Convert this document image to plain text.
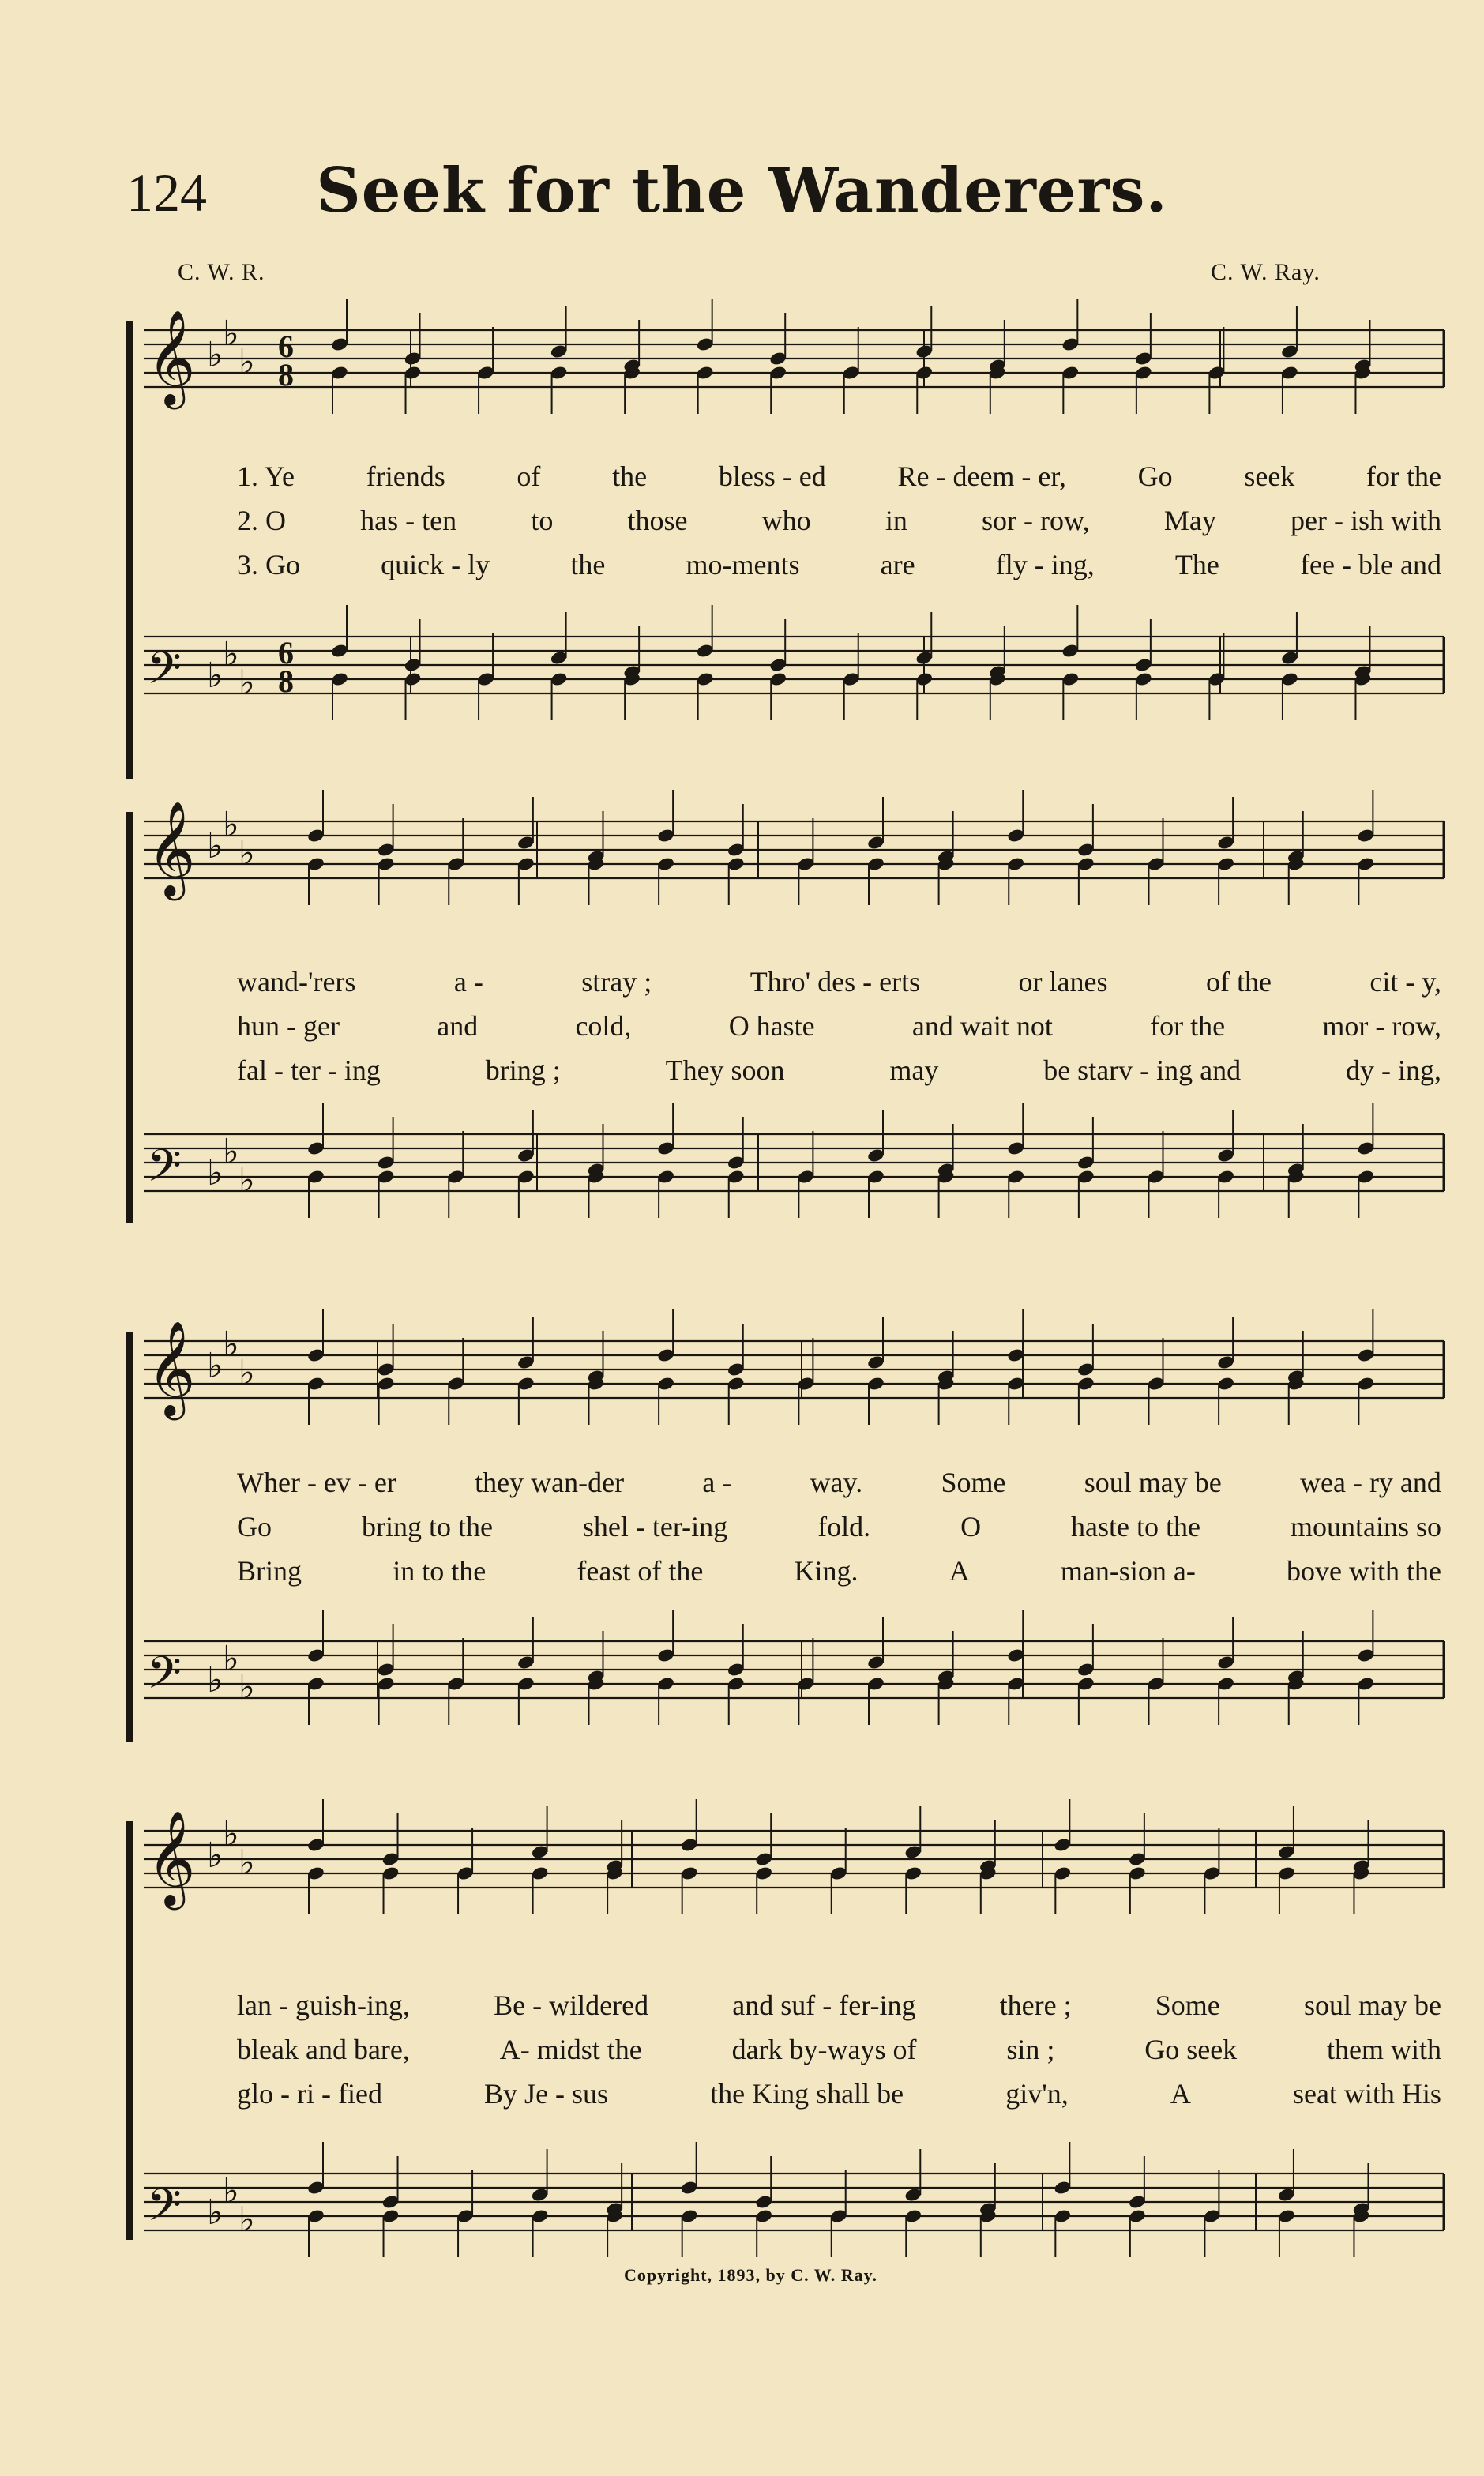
124	Seek for the Wanderers.
C. W. R.	C. W. Ray.
𝄞 ♭
♭
♭ 6
8
1. Ye	friends	of	the	bless - ed	Re - deem - er,	Go	seek	for the
2. O	has - ten	to	those	who	in	sor - row,	May	per - ish with
3. Go	quick - ly	the	mo-ments	are	fly - ing,	The	fee - ble and
𝄢 ♭
♭
♭
6
8
𝄞 ♭
♭
♭
wand-'rers	a -	stray ;	Thro' des - erts	or lanes	of the	cit - y,
hun - ger	and	cold,	O haste	and wait not	for the	mor - row,
fal - ter - ing	bring ;	They soon	may	be starv - ing and	dy - ing,
𝄢 ♭
♭
♭
𝄞 ♭
♭
♭
Wher - ev - er	they wan-der	a -	way.	Some	soul may be	wea - ry and
Go	bring to the	shel - ter-ing	fold.	O	haste to the	mountains so
Bring	in to the	feast of the	King.	A	man-sion a-	bove with the
𝄢 ♭
♭
♭
𝄞 ♭
♭
♭
lan - guish-ing,	Be - wildered	and suf - fer-ing	there ;	Some	soul may be
bleak and bare,	A- midst the	dark by-ways of	sin ;	Go seek	them with
glo - ri - fied	By Je - sus	the King shall be	giv'n,	A	seat with His
𝄢 ♭
♭
♭
Copyright, 1893, by C. W. Ray.
